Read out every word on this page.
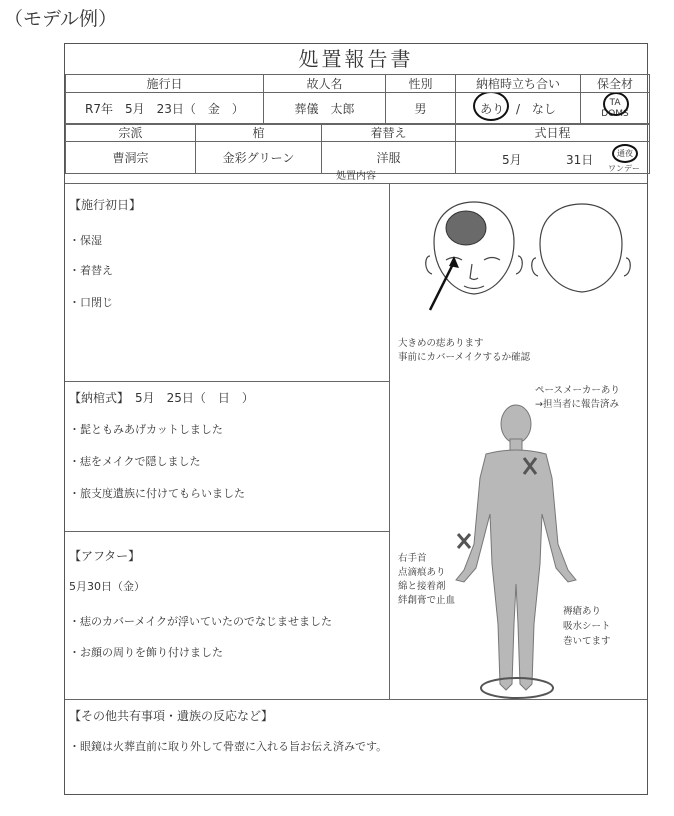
（モデル例）
処置報告書
施行日	故人名	性別	納棺時立ち合い	保全材
R7年　5月　23日（　金　）	葬儀　太郎	男	あり / なし	TA
DOMS
宗派	棺	着替え	式日程
曹洞宗	金彩グリーン	洋服	5月 31日 通夜
ワンデー
処置内容
【施行初日】
・保湿
・着替え
・口閉じ
【納棺式】　5月　25日（　日　）
・髭ともみあげカットしました
・痣をメイクで隠しました
・旅支度遺族に付けてもらいました
【アフター】
5月30日（金）
・痣のカバーメイクが浮いていたのでなじませました
・お顔の周りを飾り付けました
【その他共有事項・遺族の反応など】
・眼鏡は火葬直前に取り外して骨壺に入れる旨お伝え済みです。
大きめの痣あります
事前にカバーメイクするか確認
ペースメーカーあり
→担当者に報告済み
右手首
点滴痕あり
綿と接着剤
絆創膏で止血
褥瘡あり
吸水シート
巻いてます
